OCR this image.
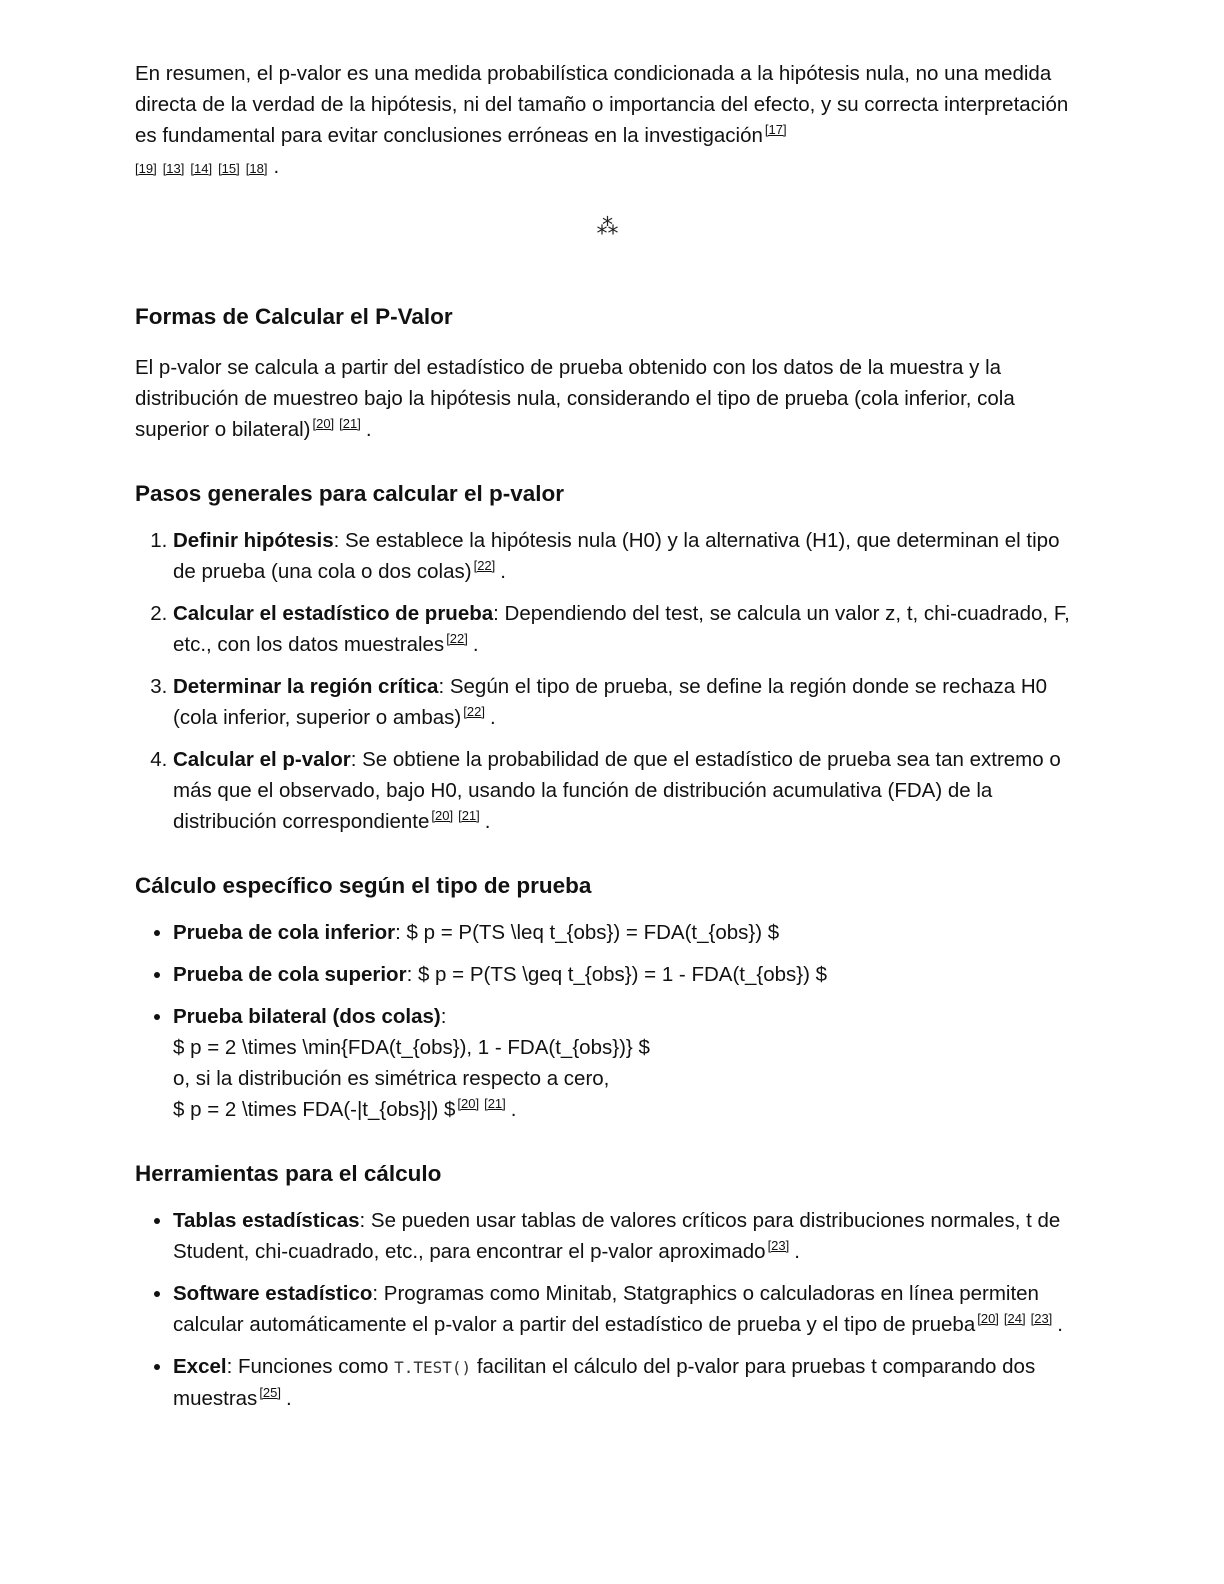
En resumen, el p-valor es una medida probabilística condicionada a la hipótesis nula, no una medida directa de la verdad de la hipótesis, ni del tamaño o importancia del efecto, y su correcta interpretación es fundamental para evitar conclusiones erróneas en la investigación [17]
[19] [13] [14] [15] [18] .

⁂
Formas de Calcular el P-Valor

El p-valor se calcula a partir del estadístico de prueba obtenido con los datos de la muestra y la distribución de muestreo bajo la hipótesis nula, considerando el tipo de prueba (cola inferior, cola superior o bilateral) [20] [21] .

Pasos generales para calcular el p-valor
1. Definir hipótesis: Se establece la hipótesis nula (H0) y la alternativa (H1), que determinan el tipo de prueba (una cola o dos colas) [22] .
2. Calcular el estadístico de prueba: Dependiendo del test, se calcula un valor z, t, chi-cuadrado, F, etc., con los datos muestrales [22] .
3. Determinar la región crítica: Según el tipo de prueba, se define la región donde se rechaza H0 (cola inferior, superior o ambas) [22] .
4. Calcular el p-valor: Se obtiene la probabilidad de que el estadístico de prueba sea tan extremo o más que el observado, bajo H0, usando la función de distribución acumulativa (FDA) de la distribución correspondiente [20] [21] .
Cálculo específico según el tipo de prueba
• Prueba de cola inferior: $ p = P(TS \leq t_{obs}) = FDA(t_{obs}) $
• Prueba de cola superior: $ p = P(TS \geq t_{obs}) = 1 - FDA(t_{obs}) $
• Prueba bilateral (dos colas):
$ p = 2 \times \min{FDA(t_{obs}), 1 - FDA(t_{obs})} $
o, si la distribución es simétrica respecto a cero,
$ p = 2 \times FDA(-|t_{obs}|) $ [20] [21] .
Herramientas para el cálculo
• Tablas estadísticas: Se pueden usar tablas de valores críticos para distribuciones normales, t de Student, chi-cuadrado, etc., para encontrar el p-valor aproximado [23] .
• Software estadístico: Programas como Minitab, Statgraphics o calculadoras en línea permiten calcular automáticamente el p-valor a partir del estadístico de prueba y el tipo de prueba [20] [24] [23] .
• Excel: Funciones como T.TEST() facilitan el cálculo del p-valor para pruebas t comparando dos muestras [25] .
